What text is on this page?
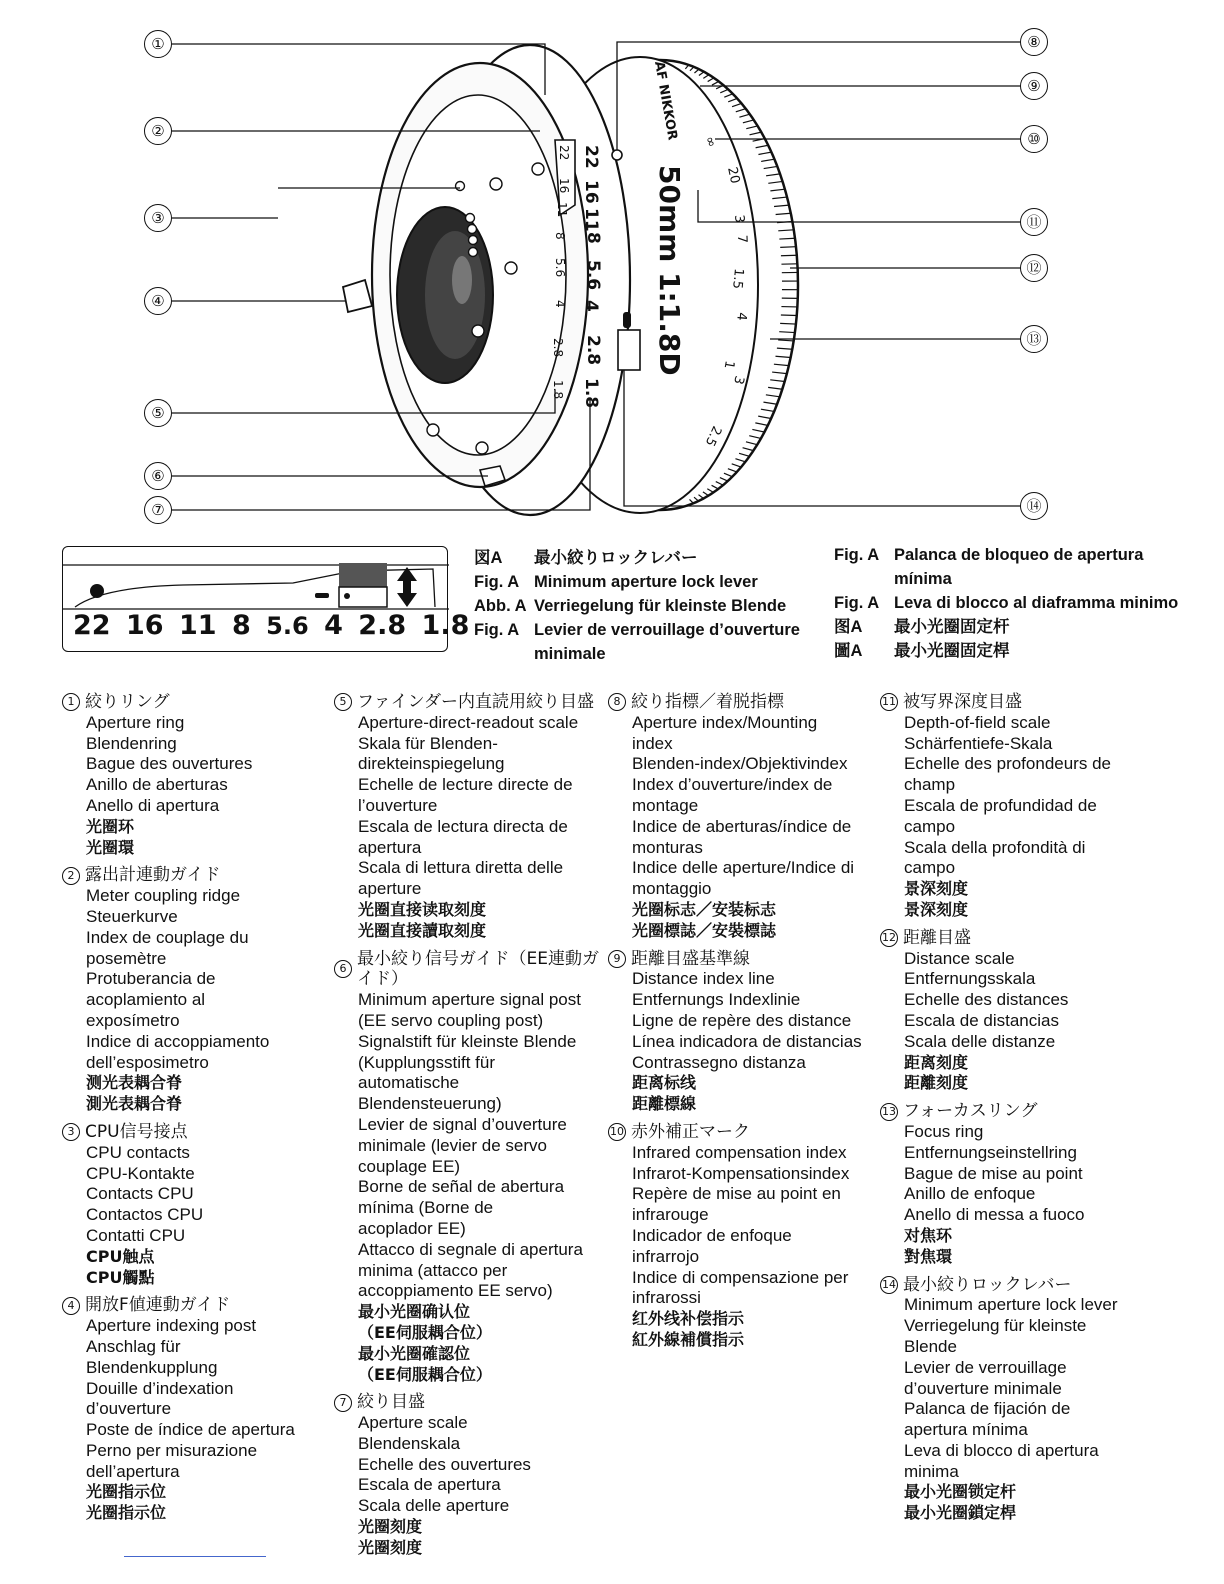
AF NIKKOR
50mm 1:1.8D
22
16
11
8
5.6
4
2.8
1.8
22
16
11
8
5.6
4
2.8
1.8
∞
20
3
7
1.5
4
1
3
2.5
①
②
③
④
⑤
⑥
⑦
⑧
⑨
⑩
⑪
⑫
⑬
⑭
22 16 11 8 5.6 4 2.8 1.8
図A	最小絞りロックレバー
Fig. A Minimum aperture lock lever
Abb. A Verriegelung für kleinste Blende
Fig. A Levier de verrouillage d’ouverture minimale
Fig. A Palanca de bloqueo de apertura mínima
Fig. A Leva di blocco al diaframma minimo
图A	最小光圈固定杆
圖A	最小光圈固定桿
1 絞りリング
Aperture ring
Blendenring
Bague des ouvertures
Anillo de aberturas
Anello di apertura
光圈环
光圈環
2 露出計連動ガイド
Meter coupling ridge
Steuerkurve
Index de couplage du
posemètre
Protuberancia de
acoplamiento al
exposímetro
Indice di accoppiamento
dell’esposimetro
测光表耦合脊
測光表耦合脊
3 CPU信号接点
CPU contacts
CPU-Kontakte
Contacts CPU
Contactos CPU
Contatti CPU
CPU触点
CPU觸點
4 開放F値連動ガイド
Aperture indexing post
Anschlag für
Blendenkupplung
Douille d’indexation
d’ouverture
Poste de índice de apertura
Perno per misurazione
dell’apertura
光圈指示位
光圈指示位
5 ファインダー内直読用絞り目盛
Aperture-direct-readout scale
Skala für Blenden-
direkteinspiegelung
Echelle de lecture directe de
l’ouverture
Escala de lectura directa de
apertura
Scala di lettura diretta delle
aperture
光圈直接读取刻度
光圈直接讀取刻度
6
最小絞り信号ガイド（EE連動ガイド）
Minimum aperture signal post
(EE servo coupling post)
Signalstift für kleinste Blende
(Kupplungsstift für
automatische
Blendensteuerung)
Levier de signal d’ouverture
minimale (levier de servo
couplage EE)
Borne de señal de abertura
mínima (Borne de
acoplador EE)
Attacco di segnale di apertura
minima (attacco per
accoppiamento EE servo)
最小光圈确认位
（EE伺服耦合位）
最小光圈確認位
（EE伺服耦合位）
7 絞り目盛
Aperture scale
Blendenskala
Echelle des ouvertures
Escala de apertura
Scala delle aperture
光圈刻度
光圈刻度
8 絞り指標／着脱指標
Aperture index/Mounting
index
Blenden-index/Objektivindex
Index d’ouverture/index de
montage
Indice de aberturas/índice de
monturas
Indice delle aperture/Indice di
montaggio
光圈标志／安装标志
光圈標誌／安裝標誌
9 距離目盛基準線
Distance index line
Entfernungs Indexlinie
Ligne de repère des distance
Línea indicadora de distancias
Contrassegno distanza
距离标线
距離標線
10 赤外補正マーク
Infrared compensation index
Infrarot-Kompensationsindex
Repère de mise au point en
infrarouge
Indicador de enfoque
infrarrojo
Indice di compensazione per
infrarossi
红外线补偿指示
紅外線補償指示
11 被写界深度目盛
Depth-of-field scale
Schärfentiefe-Skala
Echelle des profondeurs de
champ
Escala de profundidad de
campo
Scala della profondità di
campo
景深刻度
景深刻度
12 距離目盛
Distance scale
Entfernungsskala
Echelle des distances
Escala de distancias
Scala delle distanze
距离刻度
距離刻度
13 フォーカスリング
Focus ring
Entfernungseinstellring
Bague de mise au point
Anillo de enfoque
Anello di messa a fuoco
对焦环
對焦環
14 最小絞りロックレバー
Minimum aperture lock lever
Verriegelung für kleinste
Blende
Levier de verrouillage
d’ouverture minimale
Palanca de fijación de
apertura mínima
Leva di blocco di apertura
minima
最小光圈锁定杆
最小光圈鎖定桿
